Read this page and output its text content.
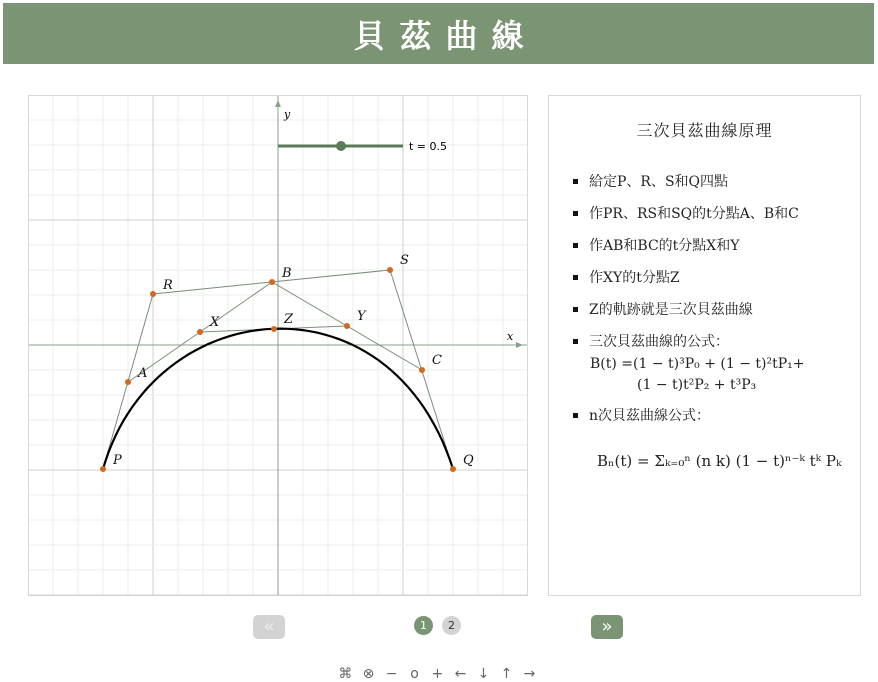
貝茲曲線
x
y
t = 0.5
P
R
S
Q
A
B
C
X	Y
Z
⌘ ⊗ − o + ← ↓ ↑ →
三次貝茲曲線原理
給定P、R、S和Q四點
作PR、RS和SQ的t分點A、B和C
作AB和BC的t分點X和Y
作XY的t分點Z
Z的軌跡就是三次貝茲曲線
三次貝茲曲線的公式：
n次貝茲曲線公式：
B(t) =(1 − t)³P₀ + (1 − t)²tP₁+
(1 − t)t²P₂ + t³P₃
Bₙ(t) = Σₖ₌₀ⁿ (n k) (1 − t)ⁿ⁻ᵏ tᵏ Pₖ
«	1	2	»
